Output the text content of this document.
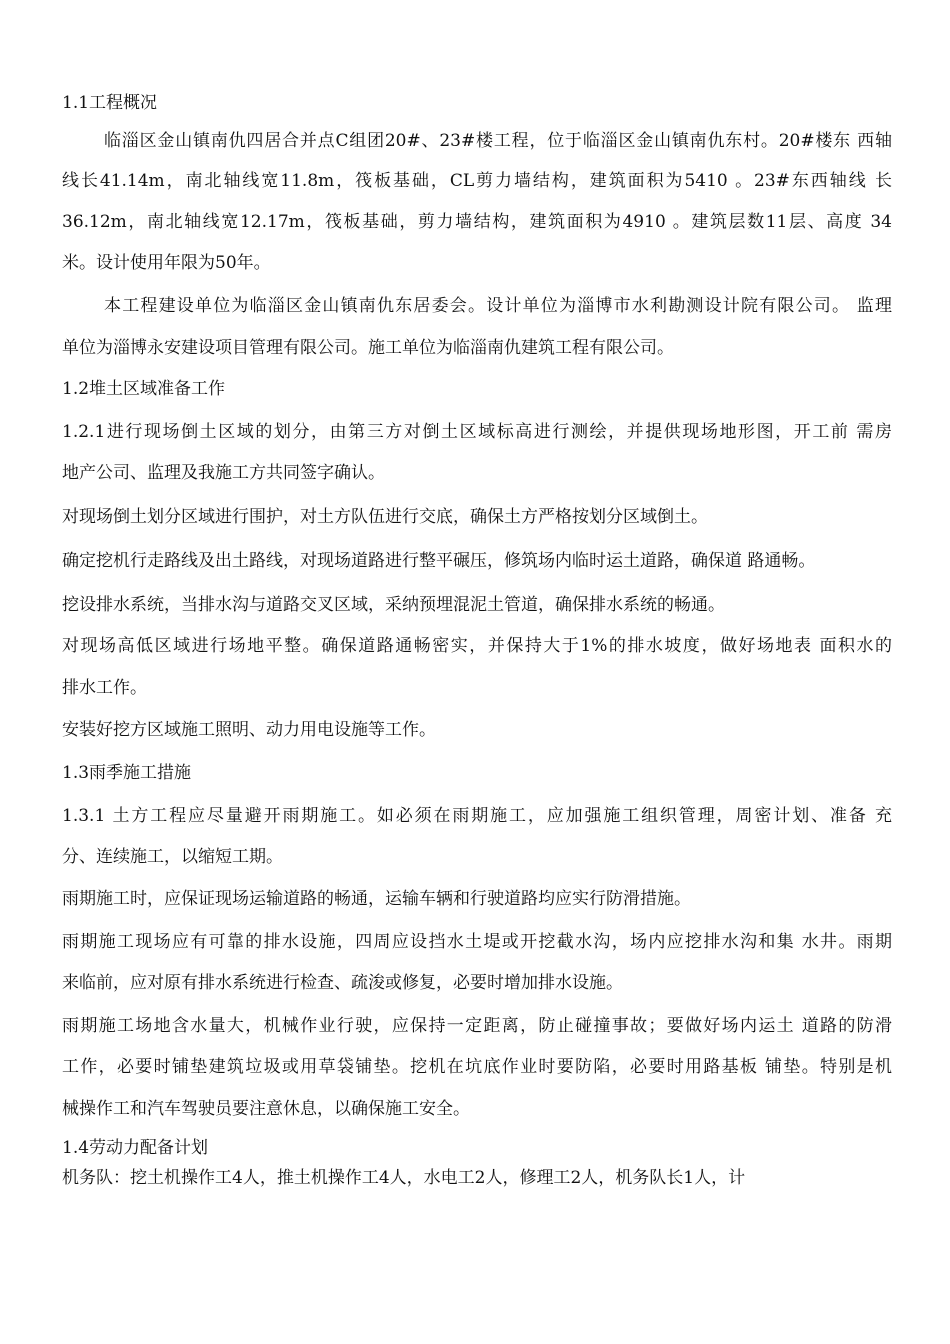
1.1工程概况
临淄区金山镇南仇四居合并点C组团20#、23#楼工程，位于临淄区金山镇南仇东村。20#楼东 西轴
线长41.14m，南北轴线宽11.8m，筏板基础，CL剪力墙结构，建筑面积为5410 。23#东西轴线 长
36.12m，南北轴线宽12.17m，筏板基础，剪力墙结构，建筑面积为4910 。建筑层数11层、高度 34
米。设计使用年限为50年。
本工程建设单位为临淄区金山镇南仇东居委会。设计单位为淄博市水利勘测设计院有限公司。 监理
单位为淄博永安建设项目管理有限公司。施工单位为临淄南仇建筑工程有限公司。
1.2堆土区域准备工作
1.2.1进行现场倒土区域的划分，由第三方对倒土区域标高进行测绘，并提供现场地形图，开工前 需房
地产公司、监理及我施工方共同签字确认。
对现场倒土划分区域进行围护，对土方队伍进行交底，确保土方严格按划分区域倒土。
确定挖机行走路线及出土路线，对现场道路进行整平碾压，修筑场内临时运土道路，确保道 路通畅。
挖设排水系统，当排水沟与道路交叉区域，采纳预埋混泥土管道，确保排水系统的畅通。
对现场高低区域进行场地平整。确保道路通畅密实，并保持大于1%的排水坡度，做好场地表 面积水的
排水工作。
安装好挖方区域施工照明、动力用电设施等工作。
1.3雨季施工措施
1.3.1 土方工程应尽量避开雨期施工。如必须在雨期施工，应加强施工组织管理，周密计划、准备 充
分、连续施工，以缩短工期。
雨期施工时，应保证现场运输道路的畅通，运输车辆和行驶道路均应实行防滑措施。
雨期施工现场应有可靠的排水设施，四周应设挡水土堤或开挖截水沟，场内应挖排水沟和集 水井。雨期
来临前，应对原有排水系统进行检查、疏浚或修复，必要时增加排水设施。
雨期施工场地含水量大，机械作业行驶，应保持一定距离，防止碰撞事故；要做好场内运土 道路的防滑
工作，必要时铺垫建筑垃圾或用草袋铺垫。挖机在坑底作业时要防陷，必要时用路基板 铺垫。特别是机
械操作工和汽车驾驶员要注意休息，以确保施工安全。
1.4劳动力配备计划
机务队：挖土机操作工4人，推土机操作工4人，水电工2人，修理工2人，机务队长1人，计
